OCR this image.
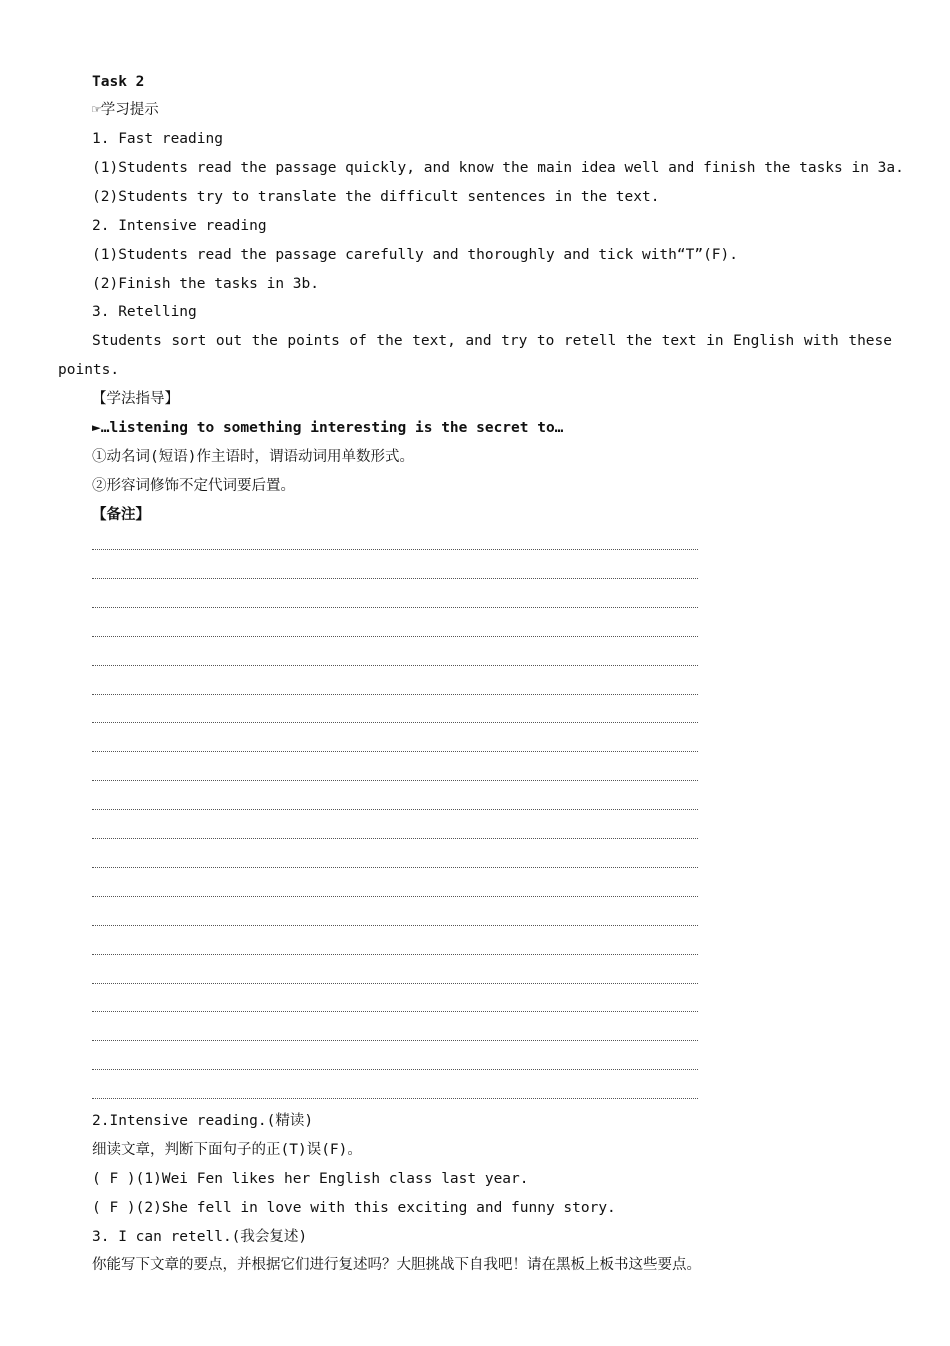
Task 2
☞学习提示
1. Fast reading
(1)Students read the passage quickly, and know the main idea well and finish the tasks in 3a.
(2)Students try to translate the difficult sentences in the text.
2. Intensive reading
(1)Students read the passage carefully and thoroughly and tick with“T”(F).
(2)Finish the tasks in 3b.
3. Retelling
Students sort out the points of the text, and try to retell the text in English with these
points.
【学法指导】
►…listening to something interesting is the secret to…
①动名词(短语)作主语时，谓语动词用单数形式。
②形容词修饰不定代词要后置。
【备注】
2.Intensive reading.(精读)
细读文章，判断下面句子的正(T)误(F)。
( F )(1)Wei Fen likes her English class last year.
( F )(2)She fell in love with this exciting and funny story.
3. I can retell.(我会复述)
你能写下文章的要点，并根据它们进行复述吗？大胆挑战下自我吧！请在黑板上板书这些要点。
